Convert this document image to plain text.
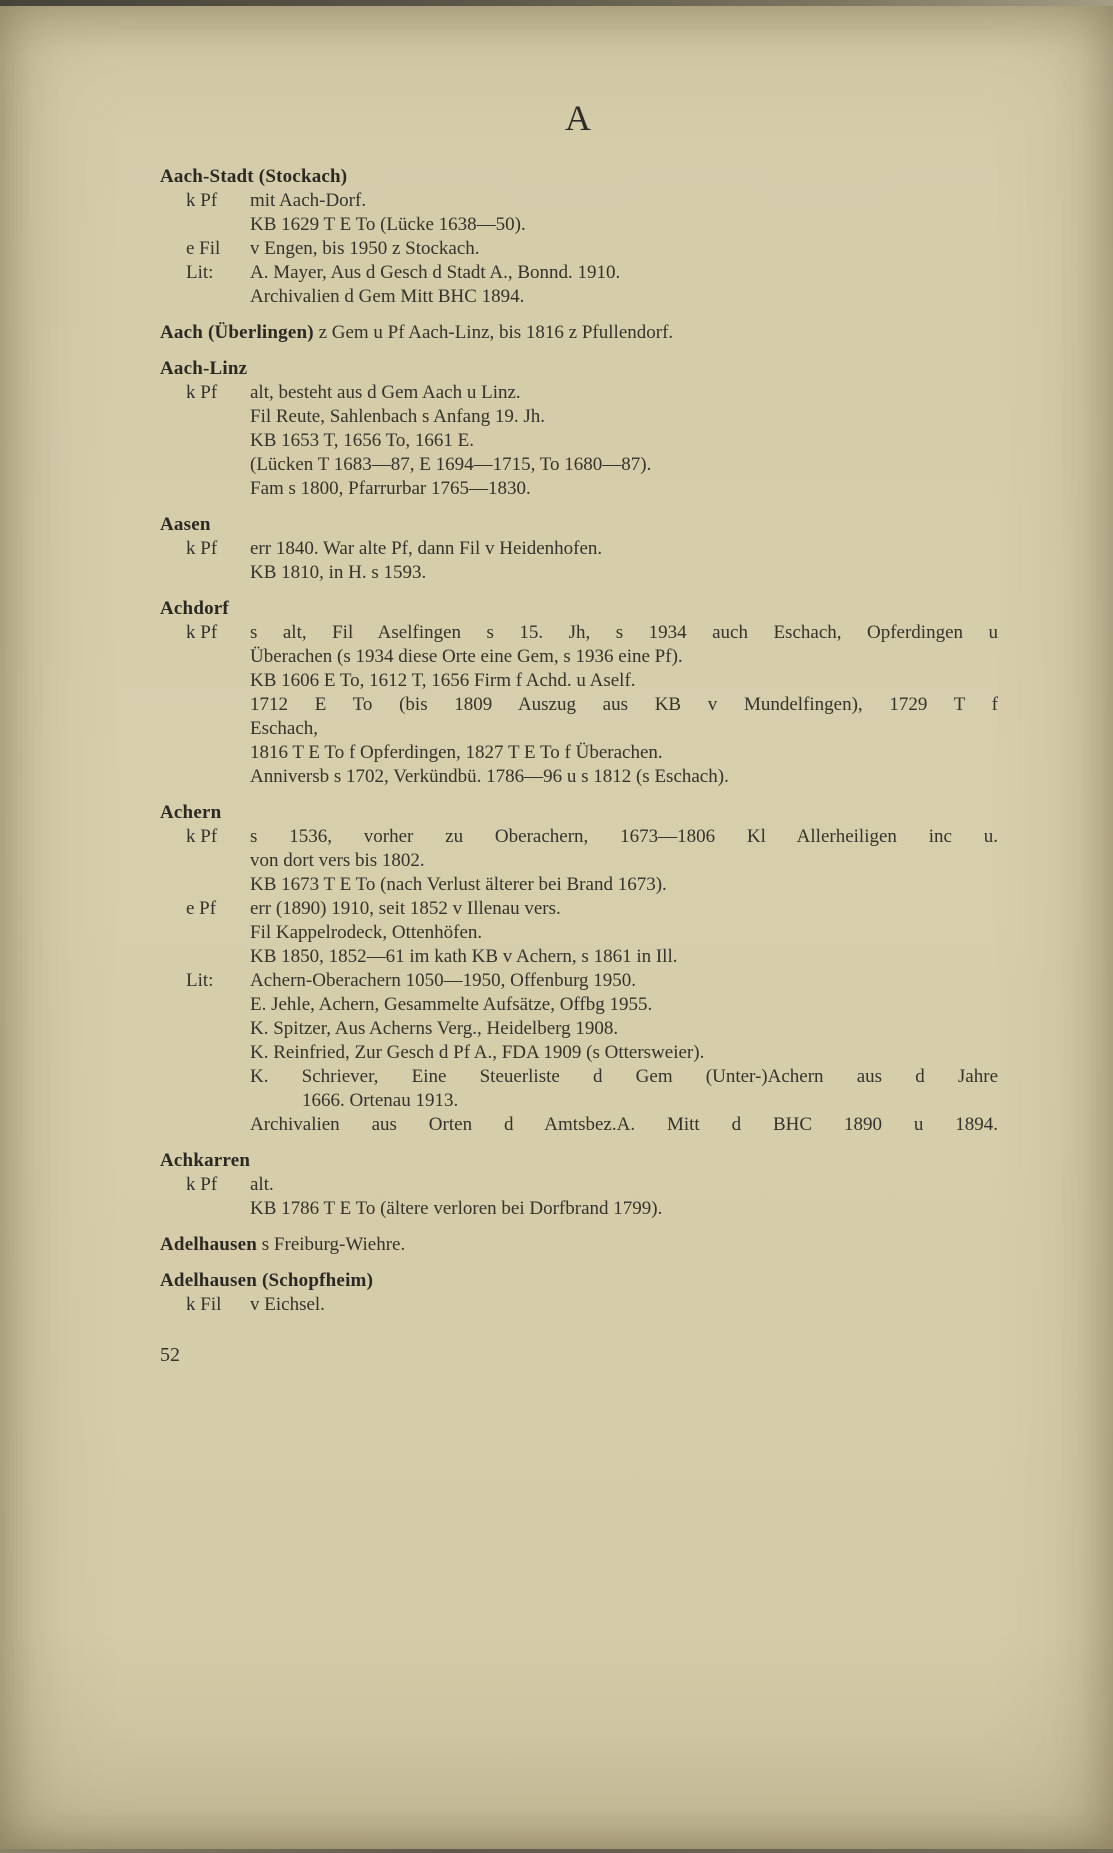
A
Aach-Stadt (Stockach)
k Pf	mit Aach-Dorf.
KB 1629 T E To (Lücke 1638—50).
e Fil	v Engen, bis 1950 z Stockach.
Lit:	A. Mayer, Aus d Gesch d Stadt A., Bonnd. 1910.
Archivalien d Gem Mitt BHC 1894.
Aach (Überlingen) z Gem u Pf Aach-Linz, bis 1816 z Pfullendorf.
Aach-Linz
k Pf	alt, besteht aus d Gem Aach u Linz.
Fil Reute, Sahlenbach s Anfang 19. Jh.
KB 1653 T, 1656 To, 1661 E.
(Lücken T 1683—87, E 1694—1715, To 1680—87).
Fam s 1800, Pfarrurbar 1765—1830.
Aasen
k Pf	err 1840. War alte Pf, dann Fil v Heidenhofen.
KB 1810, in H. s 1593.
Achdorf
k Pf	s alt, Fil Aselfingen s 15. Jh, s 1934 auch Eschach, Opferdingen u
Überachen (s 1934 diese Orte eine Gem, s 1936 eine Pf).
KB 1606 E To, 1612 T, 1656 Firm f Achd. u Aself.
1712 E To (bis 1809 Auszug aus KB v Mundelfingen), 1729 T f
Eschach,
1816 T E To f Opferdingen, 1827 T E To f Überachen.
Anniversb s 1702, Verkündbü. 1786—96 u s 1812 (s Eschach).
Achern
k Pf	s 1536, vorher zu Oberachern, 1673—1806 Kl Allerheiligen inc u.
von dort vers bis 1802.
KB 1673 T E To (nach Verlust älterer bei Brand 1673).
e Pf	err (1890) 1910, seit 1852 v Illenau vers.
Fil Kappelrodeck, Ottenhöfen.
KB 1850, 1852—61 im kath KB v Achern, s 1861 in Ill.
Lit:	Achern-Oberachern 1050—1950, Offenburg 1950.
E. Jehle, Achern, Gesammelte Aufsätze, Offbg 1955.
K. Spitzer, Aus Acherns Verg., Heidelberg 1908.
K. Reinfried, Zur Gesch d Pf A., FDA 1909 (s Ottersweier).
K. Schriever, Eine Steuerliste d Gem (Unter-)Achern aus d Jahre
1666. Ortenau 1913.
Archivalien aus Orten d Amtsbez.A. Mitt d BHC 1890 u 1894.
Achkarren
k Pf	alt.
KB 1786 T E To (ältere verloren bei Dorfbrand 1799).
Adelhausen s Freiburg-Wiehre.
Adelhausen (Schopfheim)
k Fil	v Eichsel.
52
